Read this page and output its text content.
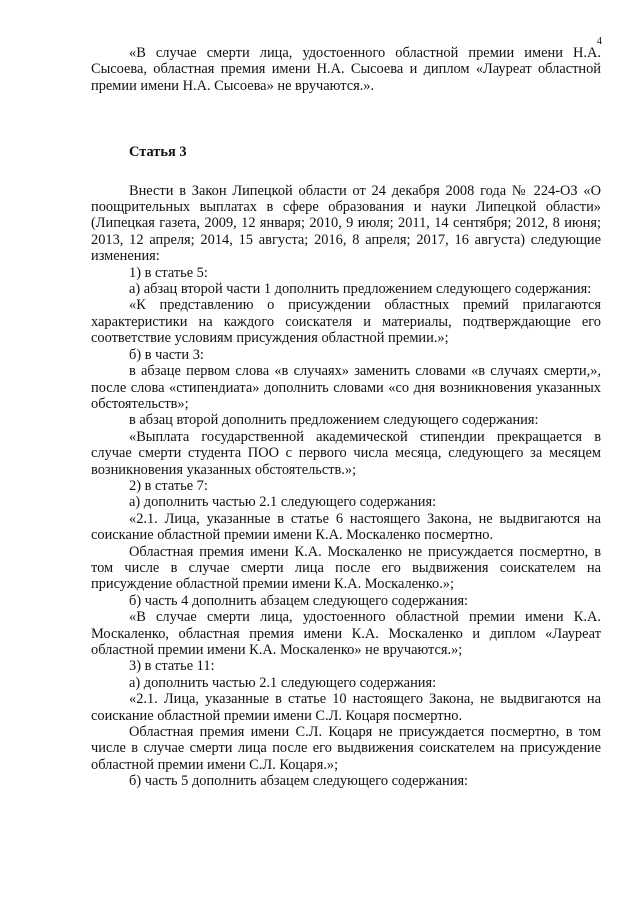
4

«В случае смерти лица, удостоенного областной премии имени Н.А. Сысоева, областная премия имени Н.А. Сысоева и диплом «Лауреат областной премии имени Н.А. Сысоева» не вручаются.».

Статья 3

Внести в Закон Липецкой области от 24 декабря 2008 года № 224-ОЗ «О поощрительных выплатах в сфере образования и науки Липецкой области» (Липецкая газета, 2009, 12 января; 2010, 9 июля; 2011, 14 сентября; 2012, 8 июня; 2013, 12 апреля; 2014, 15 августа; 2016, 8 апреля; 2017, 16 августа) следующие изменения:

1) в статье 5:

а) абзац второй части 1 дополнить предложением следующего содержания:

«К представлению о присуждении областных премий прилагаются характеристики на каждого соискателя и материалы, подтверждающие его соответствие условиям присуждения областной премии.»;

б) в части 3:

в абзаце первом слова «в случаях» заменить словами «в случаях смерти,», после слова «стипендиата» дополнить словами «со дня возникновения указанных обстоятельств»;

в абзац второй дополнить предложением следующего содержания:

«Выплата государственной академической стипендии прекращается в случае смерти студента ПОО с первого числа месяца, следующего за месяцем возникновения указанных обстоятельств.»;

2) в статье 7:

а) дополнить частью 2.1 следующего содержания:

«2.1. Лица, указанные в статье 6 настоящего Закона, не выдвигаются на соискание областной премии имени К.А. Москаленко посмертно.

Областная премия имени К.А. Москаленко не присуждается посмертно, в том числе в случае смерти лица после его выдвижения соискателем на присуждение областной премии имени К.А. Москаленко.»;

б) часть 4 дополнить абзацем следующего содержания:

«В случае смерти лица, удостоенного областной премии имени К.А. Москаленко, областная премия имени К.А. Москаленко и диплом «Лауреат областной премии имени К.А. Москаленко» не вручаются.»;

3) в статье 11:

а) дополнить частью 2.1 следующего содержания:

«2.1. Лица, указанные в статье 10 настоящего Закона, не выдвигаются на соискание областной премии имени С.Л. Коцаря посмертно.

Областная премия имени С.Л. Коцаря не присуждается посмертно, в том числе в случае смерти лица после его выдвижения соискателем на присуждение областной премии имени С.Л. Коцаря.»;

б) часть 5 дополнить абзацем следующего содержания:
